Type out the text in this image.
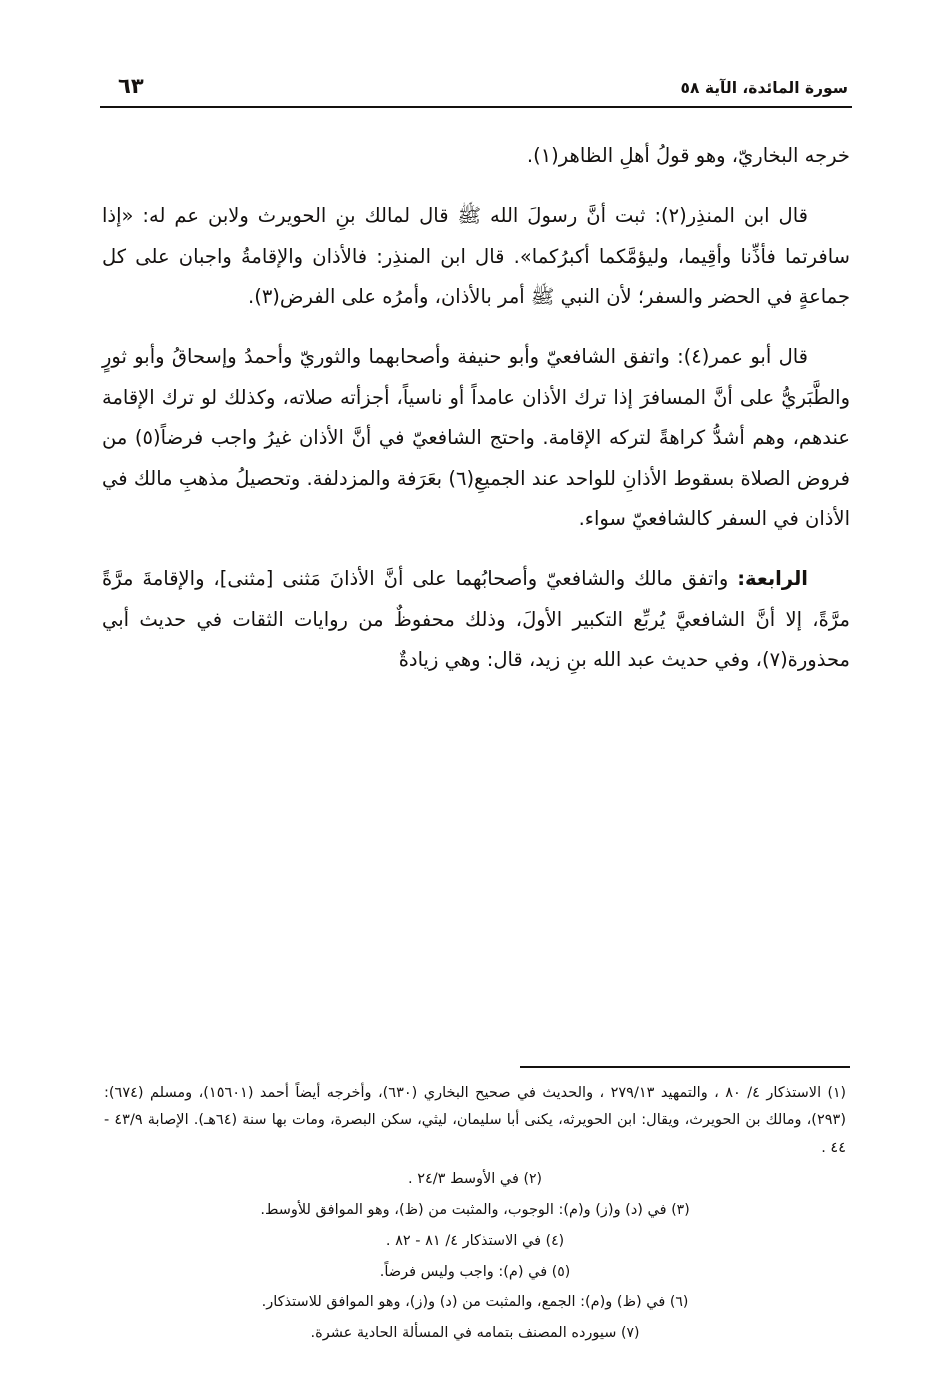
سورة المائدة، الآية ٥٨
٦٣

خرجه البخاريّ، وهو قولُ أهلِ الظاهر(١).

قال ابن المنذِر(٢): ثبت أنَّ رسولَ الله ﷺ قال لمالك بنِ الحويرث ولابن عم له: «إذا سافرتما فأذِّنا وأقِيما، وليؤمَّكما أكبرُكما». قال ابن المنذِر: فالأذان والإقامةُ واجبان على كل جماعةٍ في الحضر والسفر؛ لأن النبي ﷺ أمر بالأذان، وأمرُه على الفرض(٣).

قال أبو عمر(٤): واتفق الشافعيّ وأبو حنيفة وأصحابهما والثوريّ وأحمدُ وإسحاقُ وأبو ثورٍ والطَّبَريُّ على أنَّ المسافرَ إذا ترك الأذان عامداً أو ناسياً، أجزأته صلاته، وكذلك لو ترك الإقامة عندهم، وهم أشدُّ كراهةً لتركه الإقامة. واحتج الشافعيّ في أنَّ الأذان غيرُ واجب فرضاً(٥) من فروض الصلاة بسقوط الأذانِ للواحد عند الجميعِ(٦) بعَرَفة والمزدلفة. وتحصيلُ مذهبِ مالك في الأذان في السفر كالشافعيّ سواء.

الرابعة: واتفق مالك والشافعيّ وأصحابُهما على أنَّ الأذانَ مَثنى [مثنى]، والإقامةَ مرَّةً مرَّةً، إلا أنَّ الشافعيَّ يُربِّع التكبير الأولَ، وذلك محفوظٌ من روايات الثقات في حديث أبي محذورة(٧)، وفي حديث عبد الله بنِ زيد، قال: وهي زيادةٌ

(١) الاستذكار ٤/ ٨٠ ، والتمهيد ٢٧٩/١٣ ، والحديث في صحيح البخاري (٦٣٠)، وأخرجه أيضاً أحمد (١٥٦٠١)، ومسلم (٦٧٤): (٢٩٣)، ومالك بن الحويرث، ويقال: ابن الحويرثه، يكنى أبا سليمان، ليثي، سكن البصرة، ومات بها سنة (٦٤هـ). الإصابة ٤٣/٩ - ٤٤ .

(٢) في الأوسط ٢٤/٣ .

(٣) في (د) و(ز) و(م): الوجوب، والمثبت من (ظ)، وهو الموافق للأوسط.

(٤) في الاستذكار ٤/ ٨١ - ٨٢ .

(٥) في (م): واجب وليس فرضاً.

(٦) في (ظ) و(م): الجمع، والمثبت من (د) و(ز)، وهو الموافق للاستذكار.

(٧) سيورده المصنف بتمامه في المسألة الحادية عشرة.
